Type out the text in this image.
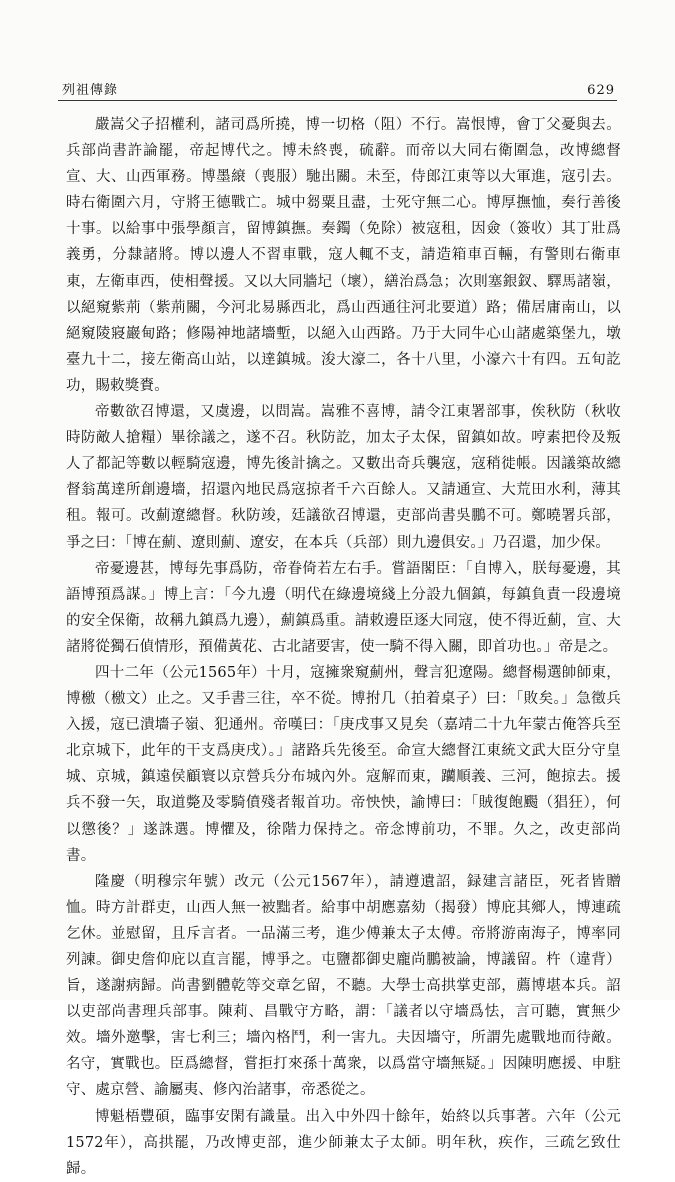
列祖傳錄	629

嚴嵩父子招權利，諸司爲所撓，博一切格（阻）不行。嵩恨博，會丁父憂與去。兵部尚書許論罷，帝起博代之。博未終喪，硫辭。而帝以大同右衛圍急，改博總督宣、大、山西軍務。博墨縗（喪服）馳出關。未至，侍郎江東等以大軍進，寇引去。時右衛圍六月，守將王德戰亡。城中芻粟且盡，士死守無二心。博厚撫恤，奏行善後十事。以給事中張學顏言，留博鎮撫。奏鐲（免除）被寇租，因僉（簽收）其丁壯爲義勇，分隸諸將。博以邊人不習車戰，寇人輒不支，請造箱車百輛，有警則右衛車東，左衛車西，使相聲援。又以大同牆圮（壞），繕治爲急；次則塞銀釵、驛馬諸嶺，以絕窺紫荊（紫荊關，今河北易縣西北，爲山西通往河北要道）路；備居庸南山，以絕窺陵寢巖甸路；修陽神地諸墻塹，以絕入山西路。乃于大同牛心山諸處築堡九，墩臺九十二，接左衛高山站，以達鎮城。浚大濠二，各十八里，小濠六十有四。五旬訖功，賜敕獎賚。

帝數欲召博還，又虞邊，以問嵩。嵩雅不喜博，請令江東署部事，俟秋防（秋收時防敵人搶糧）畢徐議之，遂不召。秋防訖，加太子太保，留鎮如故。哼素把伶及叛人了都記等數以輕騎寇邊，博先後計擒之。又數出奇兵襲寇，寇稍徙帳。因議築故總督翁萬達所創邊墻，招還內地民爲寇掠者千六百餘人。又請通宣、大荒田水利，薄其租。報可。改薊遼總督。秋防竣，廷議欲召博還，吏部尚書吳鵬不可。鄭曉署兵部，爭之曰：「博在薊、遼則薊、遼安，在本兵（兵部）則九邊俱安。」乃召還，加少保。

帝憂邊甚，博每先事爲防，帝眷倚若左右手。嘗語閣臣：「自博入，朕每憂邊，其語博預爲謀。」博上言：「今九邊（明代在綠邊境綫上分設九個鎮，每鎮負責一段邊境的安全保衛，故稱九鎮爲九邊），薊鎮爲重。請敕邊臣逐大同寇，使不得近薊，宣、大諸將從獨石偵情形，預備黃花、古北諸要害，使一騎不得入關，即首功也。」帝是之。

四十二年（公元1565年）十月，寇擁衆窺薊州，聲言犯遼陽。總督楊選帥師東，博檄（檄文）止之。又手書三往，卒不從。博拊几（拍着桌子）曰：「敗矣。」急徵兵入援，寇已潰墻子嶺、犯通州。帝嘆曰：「庚戌事又見矣（嘉靖二十九年蒙古俺答兵至北京城下，此年的干支爲庚戌）。」諸路兵先後至。命宣大總督江東統文武大臣分守皇城、京城，鎮遠侯顧寰以京營兵分布城內外。寇解而東，躪順義、三河，飽掠去。援兵不發一矢，取道斃及零騎僨殘者報首功。帝怏怏，諭博曰：「賊復飽颺（猖狂），何以懲後？」遂誅選。博懼及，徐階力保持之。帝念博前功，不罪。久之，改吏部尚書。

隆慶（明穆宗年號）改元（公元1567年），請遵遺詔，録建言諸臣，死者皆贈恤。時方計群吏，山西人無一被黜者。給事中胡應嘉劾（揭發）博庇其鄉人，博連疏乞休。並慰留，且斥言者。一品滿三考，進少傅兼太子太傅。帝將游南海子，博率同列諫。御史詹仰庇以直言罷，博爭之。屯鹽都御史龐尚鵬被論，博議留。杵（違背）旨，遂謝病歸。尚書劉體乾等交章乞留，不聽。大學士高拱掌吏部，薦博堪本兵。詔以吏部尚書理兵部事。陳莉、昌戰守方略，謂：「議者以守墻爲怯，言可聽，實無少效。墻外邀擊，害七利三；墻內格鬥，利一害九。夫因墻守，所謂先處戰地而待敵。名守，實戰也。臣爲總督，嘗拒打來孫十萬衆，以爲當守墻無疑。」因陳明應援、申駐守、處京營、諭屬夷、修內治諸事，帝悉從之。

博魁梧豐碩，臨事安閑有識量。出入中外四十餘年，始終以兵事著。六年（公元1572年），高拱罷，乃改博吏部，進少師兼太子太師。明年秋，疾作，三疏乞致仕歸。
